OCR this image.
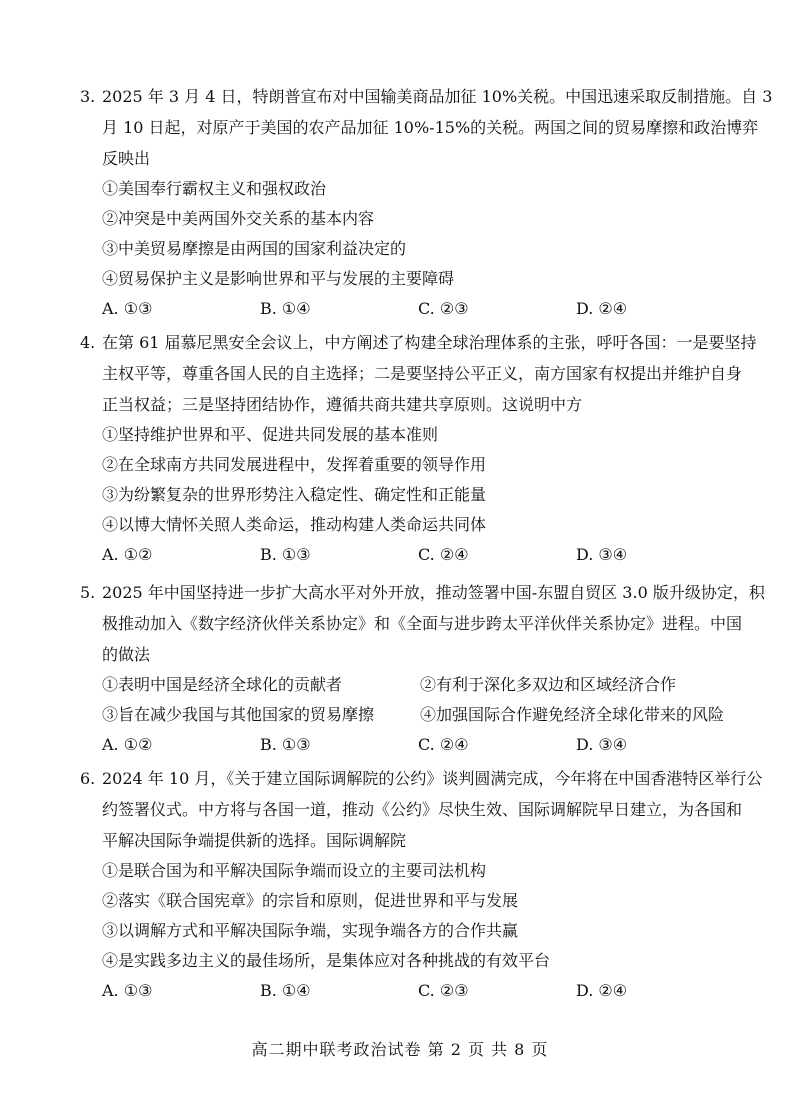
3. 2025 年 3 月 4 日，特朗普宣布对中国输美商品加征 10%关税。中国迅速采取反制措施。自 3
月 10 日起，对原产于美国的农产品加征 10%-15%的关税。两国之间的贸易摩擦和政治博弈
反映出
①美国奉行霸权主义和强权政治
②冲突是中美两国外交关系的基本内容
③中美贸易摩擦是由两国的国家利益决定的
④贸易保护主义是影响世界和平与发展的主要障碍
A. ①③	B. ①④	C. ②③	D. ②④
4. 在第 61 届慕尼黑安全会议上，中方阐述了构建全球治理体系的主张，呼吁各国：一是要坚持
主权平等，尊重各国人民的自主选择；二是要坚持公平正义，南方国家有权提出并维护自身
正当权益；三是坚持团结协作，遵循共商共建共享原则。这说明中方
①坚持维护世界和平、促进共同发展的基本准则
②在全球南方共同发展进程中，发挥着重要的领导作用
③为纷繁复杂的世界形势注入稳定性、确定性和正能量
④以博大情怀关照人类命运，推动构建人类命运共同体
A. ①②	B. ①③	C. ②④	D. ③④
5. 2025 年中国坚持进一步扩大高水平对外开放，推动签署中国-东盟自贸区 3.0 版升级协定，积
极推动加入《数字经济伙伴关系协定》和《全面与进步跨太平洋伙伴关系协定》进程。中国
的做法
①表明中国是经济全球化的贡献者	②有利于深化多双边和区域经济合作
③旨在减少我国与其他国家的贸易摩擦	④加强国际合作避免经济全球化带来的风险
A. ①②	B. ①③	C. ②④	D. ③④
6. 2024 年 10 月，《关于建立国际调解院的公约》谈判圆满完成，今年将在中国香港特区举行公
约签署仪式。中方将与各国一道，推动《公约》尽快生效、国际调解院早日建立，为各国和
平解决国际争端提供新的选择。国际调解院
①是联合国为和平解决国际争端而设立的主要司法机构
②落实《联合国宪章》的宗旨和原则，促进世界和平与发展
③以调解方式和平解决国际争端，实现争端各方的合作共赢
④是实践多边主义的最佳场所，是集体应对各种挑战的有效平台
A. ①③	B. ①④	C. ②③	D. ②④
高二期中联考政治试卷 第 2 页 共 8 页
